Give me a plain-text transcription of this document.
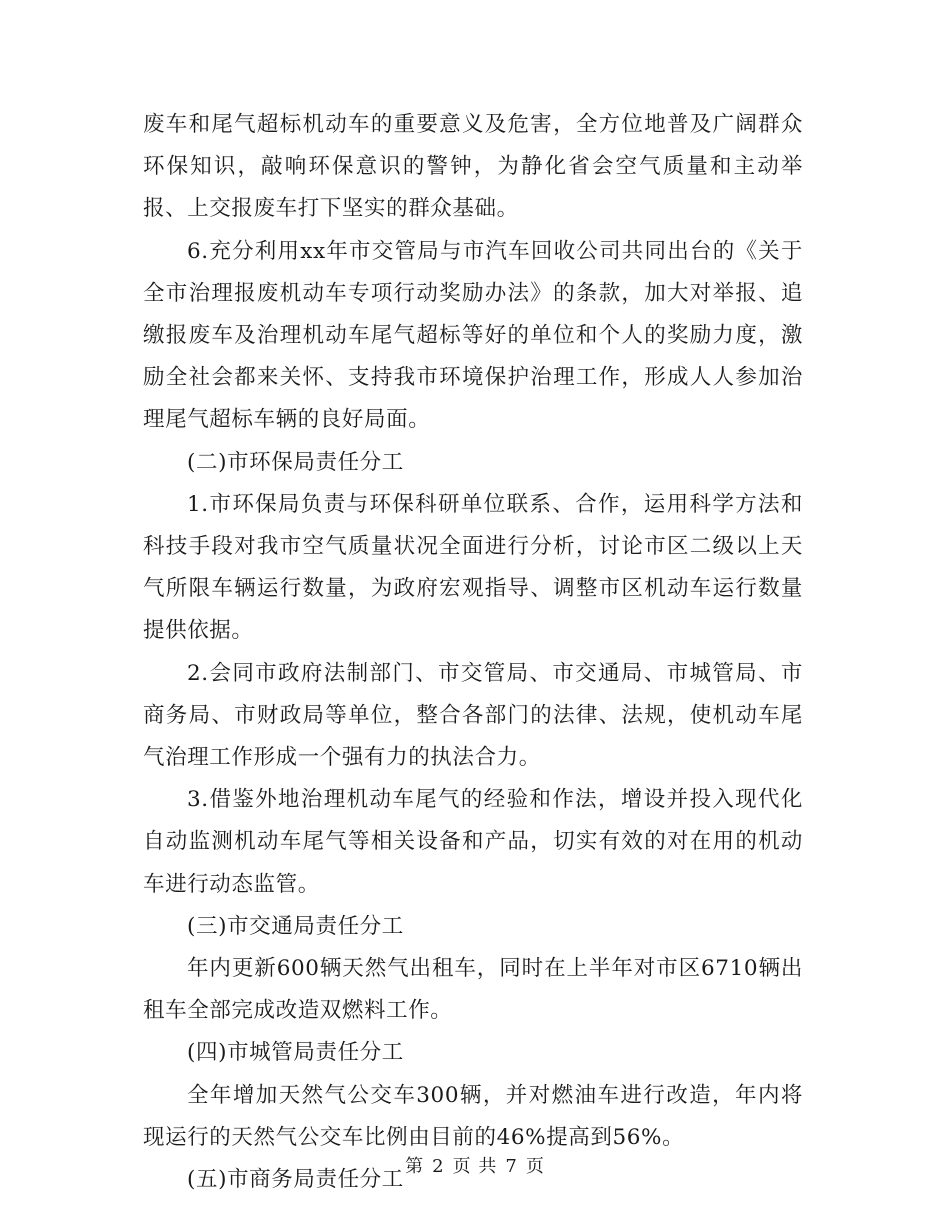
废车和尾气超标机动车的重要意义及危害，全方位地普及广阔群众环保知识，敲响环保意识的警钟，为静化省会空气质量和主动举报、上交报废车打下坚实的群众基础。

6.充分利用xx年市交管局与市汽车回收公司共同出台的《关于全市治理报废机动车专项行动奖励办法》的条款，加大对举报、追缴报废车及治理机动车尾气超标等好的单位和个人的奖励力度，激励全社会都来关怀、支持我市环境保护治理工作，形成人人参加治理尾气超标车辆的良好局面。

(二)市环保局责任分工

1.市环保局负责与环保科研单位联系、合作，运用科学方法和科技手段对我市空气质量状况全面进行分析，讨论市区二级以上天气所限车辆运行数量，为政府宏观指导、调整市区机动车运行数量提供依据。

2.会同市政府法制部门、市交管局、市交通局、市城管局、市商务局、市财政局等单位，整合各部门的法律、法规，使机动车尾气治理工作形成一个强有力的执法合力。

3.借鉴外地治理机动车尾气的经验和作法，增设并投入现代化自动监测机动车尾气等相关设备和产品，切实有效的对在用的机动车进行动态监管。

(三)市交通局责任分工

年内更新600辆天然气出租车，同时在上半年对市区6710辆出租车全部完成改造双燃料工作。

(四)市城管局责任分工

全年增加天然气公交车300辆，并对燃油车进行改造，年内将现运行的天然气公交车比例由目前的46%提高到56%。

(五)市商务局责任分工

第 2 页 共 7 页
